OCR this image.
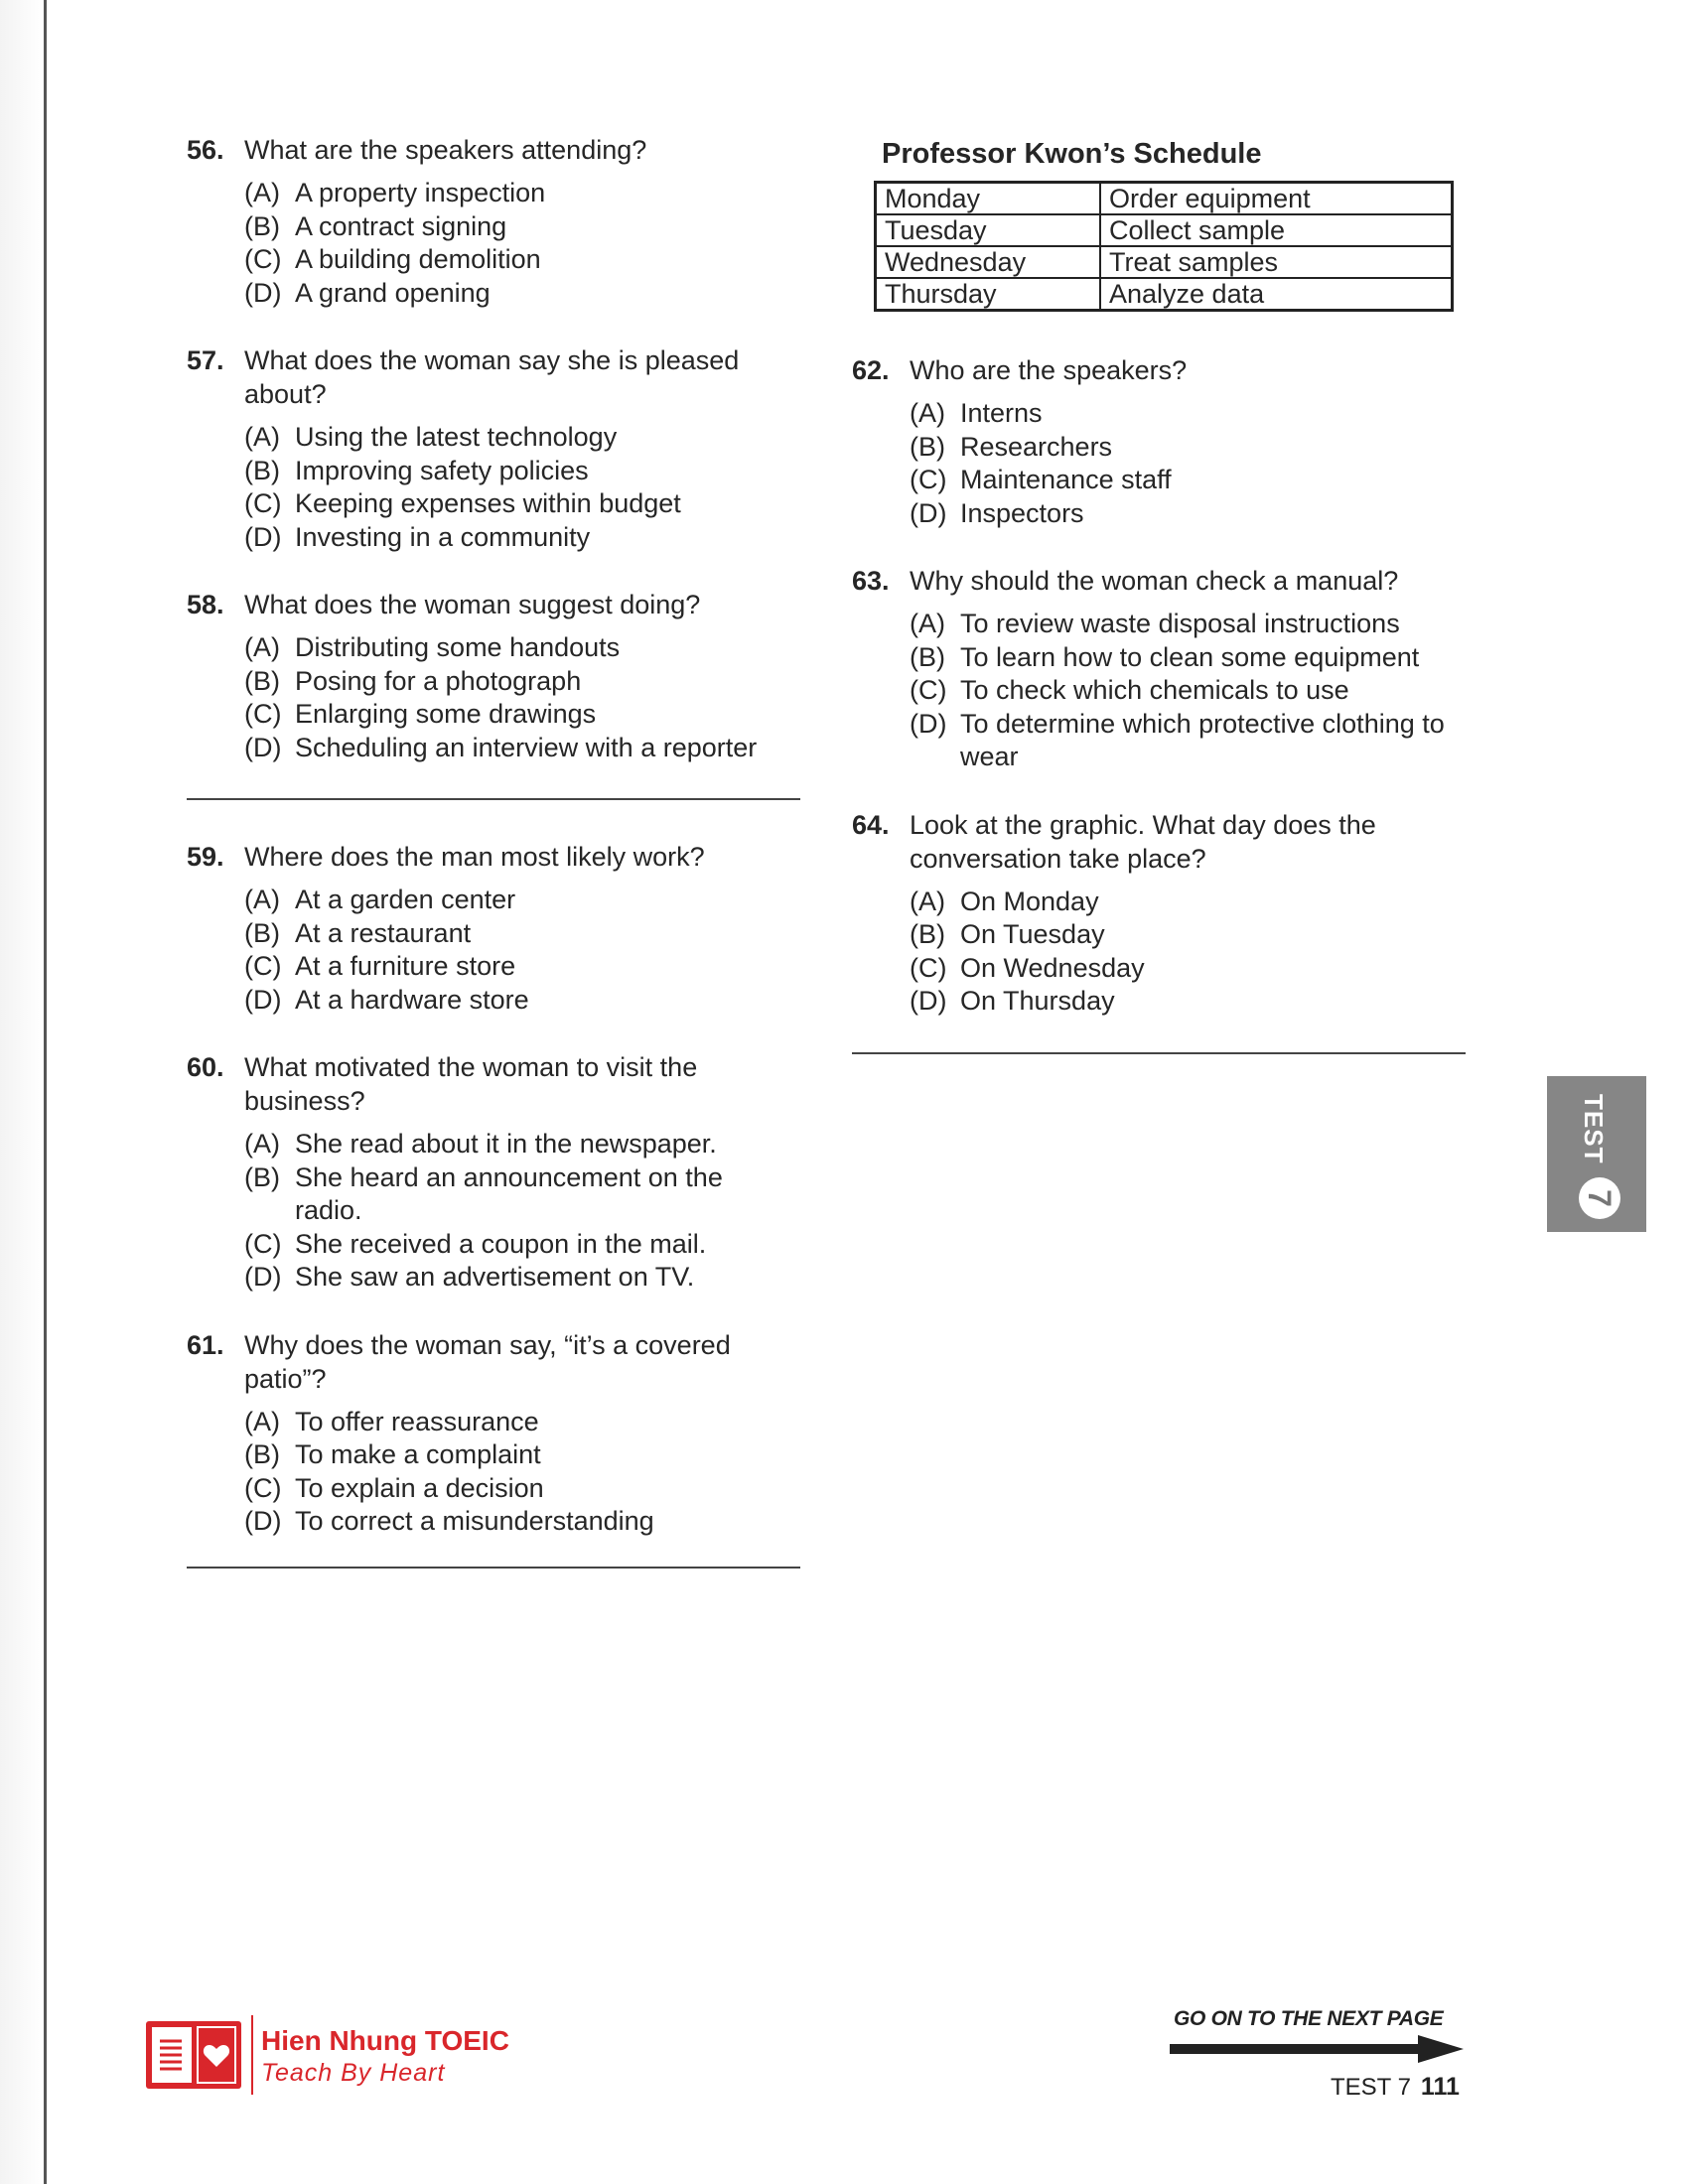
56. What are the speakers attending?
(A) A property inspection
(B) A contract signing
(C) A building demolition
(D) A grand opening
57. What does the woman say she is pleased about?
(A) Using the latest technology
(B) Improving safety policies
(C) Keeping expenses within budget
(D) Investing in a community
58. What does the woman suggest doing?
(A) Distributing some handouts
(B) Posing for a photograph
(C) Enlarging some drawings
(D) Scheduling an interview with a reporter
59. Where does the man most likely work?
(A) At a garden center
(B) At a restaurant
(C) At a furniture store
(D) At a hardware store
60. What motivated the woman to visit the business?
(A) She read about it in the newspaper.
(B) She heard an announcement on the radio.
(C) She received a coupon in the mail.
(D) She saw an advertisement on TV.
61. Why does the woman say, “it’s a covered patio”?
(A) To offer reassurance
(B) To make a complaint
(C) To explain a decision
(D) To correct a misunderstanding
Professor Kwon’s Schedule
Monday	Order equipment
Tuesday	Collect sample
Wednesday	Treat samples
Thursday	Analyze data
62. Who are the speakers?
(A) Interns
(B) Researchers
(C) Maintenance staff
(D) Inspectors
63. Why should the woman check a manual?
(A) To review waste disposal instructions
(B) To learn how to clean some equipment
(C) To check which chemicals to use
(D) To determine which protective clothing to wear
64. Look at the graphic. What day does the conversation take place?
(A) On Monday
(B) On Tuesday
(C) On Wednesday
(D) On Thursday
TEST
7
Hien Nhung TOEIC
Teach By Heart
GO ON TO THE NEXT PAGE
TEST 7 111
